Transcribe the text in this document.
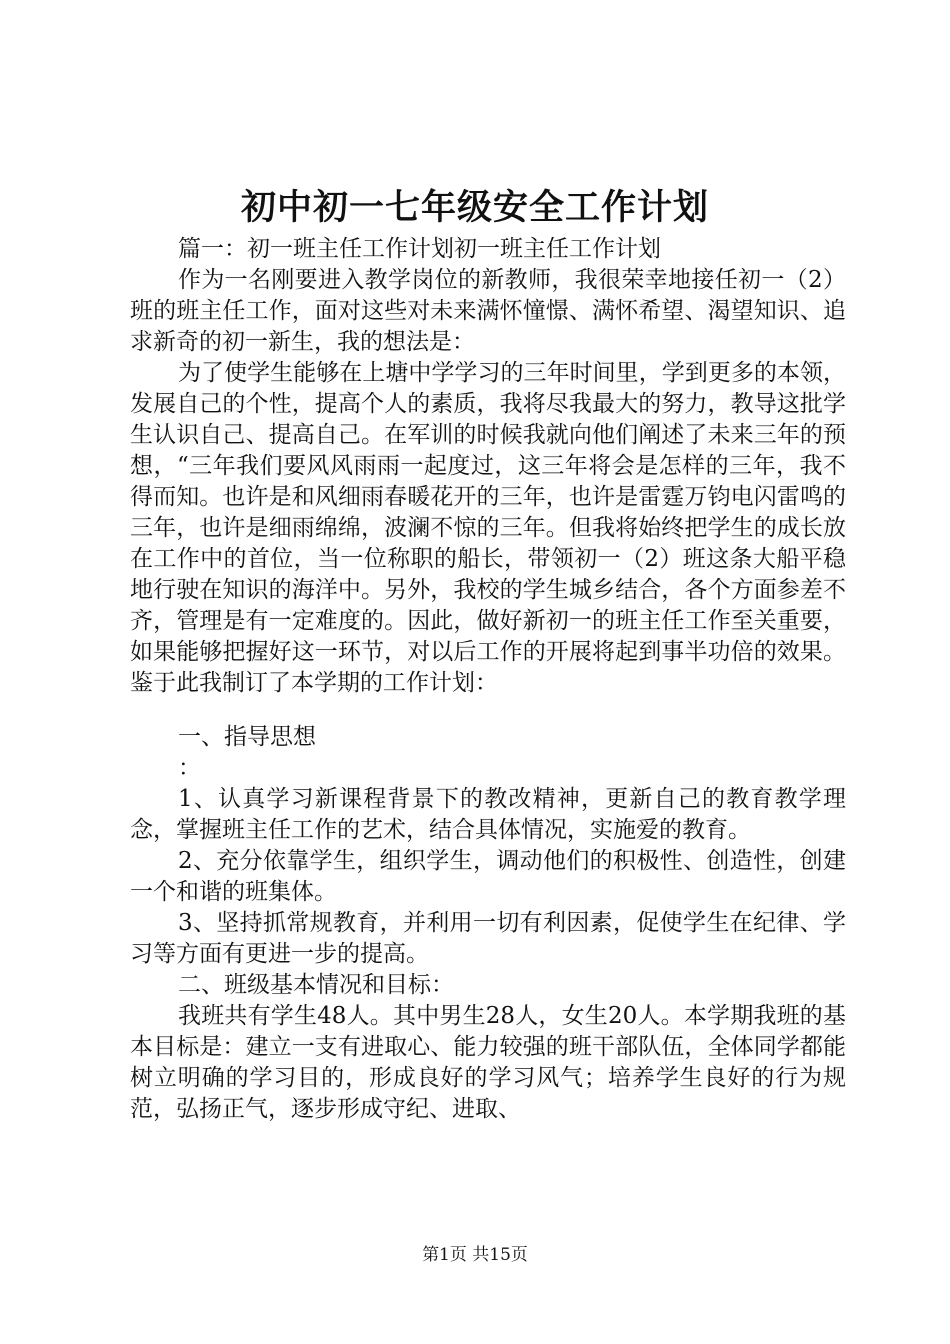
初中初一七年级安全工作计划

篇一：初一班主任工作计划初一班主任工作计划

作为一名刚要进入教学岗位的新教师，我很荣幸地接任初一（2）班的班主任工作，面对这些对未来满怀憧憬、满怀希望、渴望知识、追求新奇的初一新生，我的想法是：

为了使学生能够在上塘中学学习的三年时间里，学到更多的本领，发展自己的个性，提高个人的素质，我将尽我最大的努力，教导这批学生认识自己、提高自己。在军训的时候我就向他们阐述了未来三年的预想，“三年我们要风风雨雨一起度过，这三年将会是怎样的三年，我不得而知。也许是和风细雨春暖花开的三年，也许是雷霆万钧电闪雷鸣的三年，也许是细雨绵绵，波澜不惊的三年。但我将始终把学生的成长放在工作中的首位，当一位称职的船长，带领初一（2）班这条大船平稳地行驶在知识的海洋中。另外，我校的学生城乡结合，各个方面参差不齐，管理是有一定难度的。因此，做好新初一的班主任工作至关重要，如果能够把握好这一环节，对以后工作的开展将起到事半功倍的效果。鉴于此我制订了本学期的工作计划：

一、指导思想

：

1、认真学习新课程背景下的教改精神，更新自己的教育教学理念，掌握班主任工作的艺术，结合具体情况，实施爱的教育。

2、充分依靠学生，组织学生，调动他们的积极性、创造性，创建一个和谐的班集体。

3、坚持抓常规教育，并利用一切有利因素，促使学生在纪律、学习等方面有更进一步的提高。

二、班级基本情况和目标：

我班共有学生48人。其中男生28人，女生20人。本学期我班的基本目标是：建立一支有进取心、能力较强的班干部队伍，全体同学都能树立明确的学习目的，形成良好的学习风气；培养学生良好的行为规范，弘扬正气，逐步形成守纪、进取、

第1页 共15页
